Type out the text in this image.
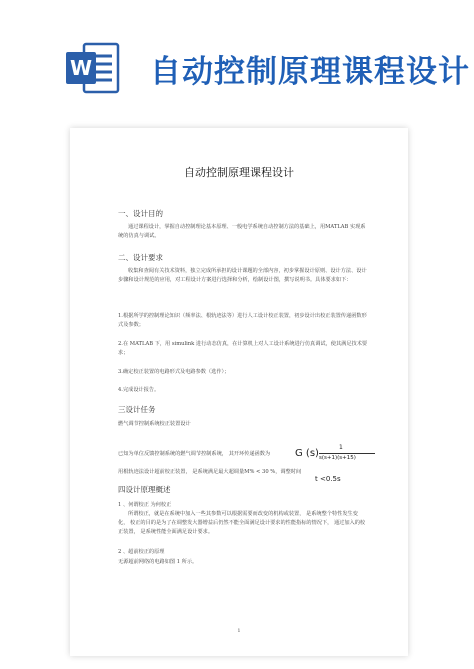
W 自动控制原理课程设计
自动控制原理课程设计
一、设计目的
通过课程设计，掌握自动控制理论基本原理、一般电学系统自动控制方法的基础上，用MATLAB 实现系统的仿真与调试。
二、设计要求
收集和查阅有关技术资料，独立完成所承担的设计课题的全部内容，初步掌握设计原则、设计方法、设计步骤和设计规范的应用，对工程设计方案进行选择和分析，绘制设计图，撰写说明书。具体要求如下：
1.根据所学的控制理论知识（频率法、根轨迹法等）进行人工设计校正装置，初步设计出校正装置传递函数形式及参数；
2.在 MATLAB 下，用 simulink 进行动态仿真，在计算机上对人工设计系统进行仿真调试，使其满足技术要求；
3.确定校正装置的电路形式及电路参数（选作）；
4.完成设计报告。
三设计任务
燃气调节控制系统校正装置设计
已知为单位反馈控制系统的燃气调节控制系统， 其开环传递函数为
用根轨迹法设计超前校正装置， 是系统满足最大超调量M% < 30 %，调整时间
G (s)
1
s(s+1)(s+15)
t <0.5s
四设计原理概述
1 、何谓校正 为何校正
所谓校正，就是在系统中加入一些其参数可以根据需要而改变的机构或装置， 是系统整个特性发生变化， 校正的目的是为了在调整发大器增益后仍然不能全面满足设计要求的性能指标的情况下， 通过加入的校正装置， 是系统性能全面满足设计要求。
2 、超前校正的原理
无源超前网络的电路如图 1 所示。
1
